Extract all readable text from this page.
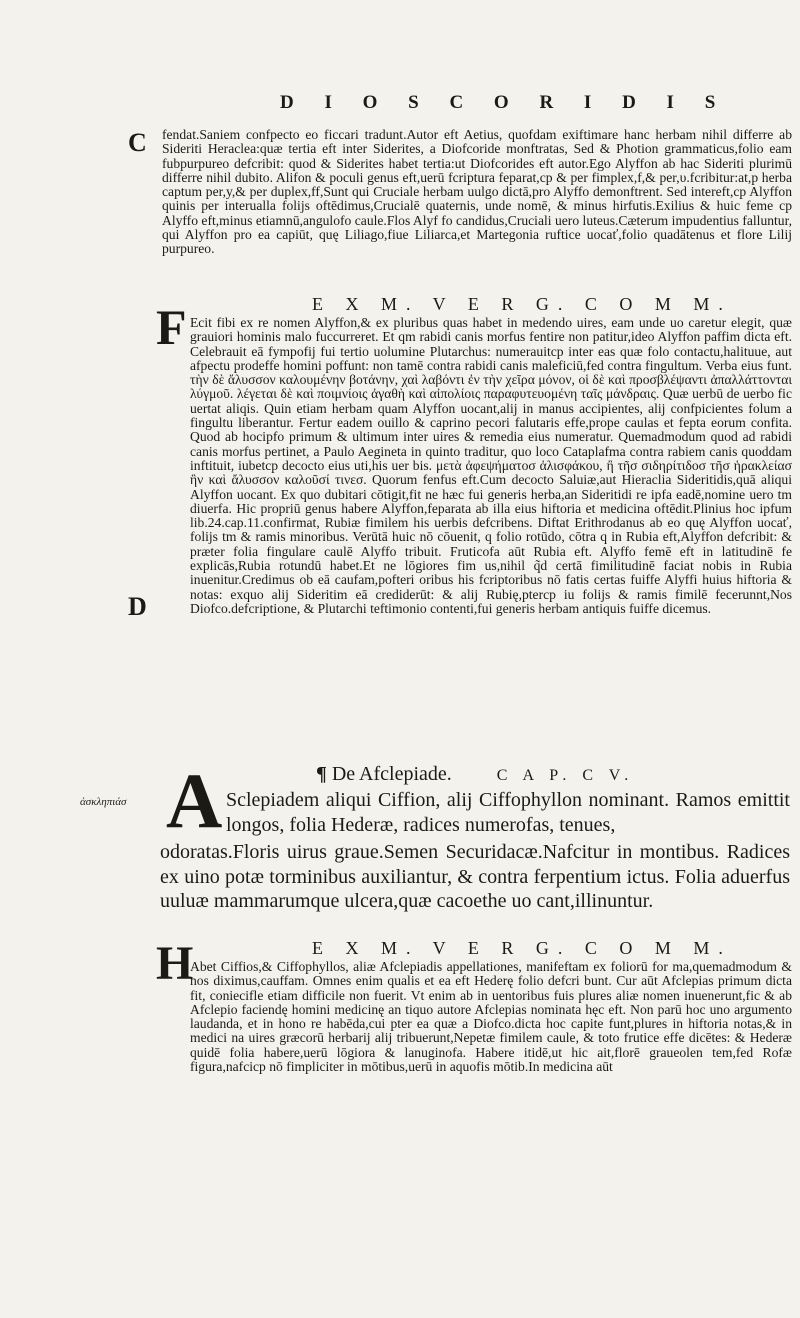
D I O S C O R I D I S
C fendat.Saniem confpecto eo ficcari tradunt.Autor eft Aetius, quofdam exiftimare hanc herbam nihil differre ab Sideriti Heraclea:quæ tertia eft inter Siderites, a Diofcoride monftratas, Sed & Photion grammaticus,folio eam fubpurpureo defcribit: quod & Siderites habet tertia:ut Diofcorides eft autor.Ego Alyffon ab hac Sideriti plurimū differre nihil dubito. Alifon & poculi genus eft,uerū fcriptura feparat,cp & per fimplex,f,& per,υ.fcribitur:at,p herba captum per,y,& per duplex,ff,Sunt qui Cruciale herbam uulgo dictā,pro Alyffo demonftrent. Sed intereft,cp Alyffon quinis per interualla folijs oftēdimus,Crucialē quaternis, unde nomē, & minus hirfutis.Exilius & huic feme cp Alyffo eft,minus etiamnū,angulofo caule.Flos Alyf fo candidus,Cruciali uero luteus.Cæterum impudentius falluntur, qui Alyffon pro ea capiūt, quę Liliago,fiue Liliarca,et Martegonia ruftice uocať,folio quadātenus et flore Lilij purpureo.

F	E X M. V E R G. C O M M.

Ecit fibi ex re nomen Alyffon,& ex pluribus quas habet in medendo uires, eam unde uo caretur elegit, quæ grauiori hominis malo fuccurreret. Et qm rabidi canis morfus fentire non patitur,ideo Alyffon paffim dicta eft. Celebrauit eā fympofij fui tertio uolumine Plutarchus: numerauitcp inter eas quæ folo contactu,halituue, aut afpectu prodeffe homini poffunt: non tamē contra rabidi canis maleficiū,fed contra fingultum. Verba eius funt. τὴν δὲ ἄλυσσον καλουμένην βοτάνην, χαὶ λαβόντι ἐν τὴν χεῖρα μόνον, οἱ δὲ καὶ προσβλέψαντι ἀπαλλάττονται λύγμοῦ. λέγεται δὲ καὶ ποιμνίοις ἀγαθὴ καὶ αἰπολίοις παραφυτευομένη ταῖς μάνδραις. Quæ uerbū de uerbo fic uertat aliqis. Quin etiam herbam quam Alyffon uocant,alij in manus accipientes, alij confpicientes folum a fingultu liberantur. Fertur eadem ouillo & caprino pecori falutaris effe,prope caulas et fepta eorum confita. Quod ab hocipfo primum & ultimum inter uires & remedia eius numeratur. Quemadmodum quod ad rabidi canis morfus pertinet, a Paulo Aegineta in quinto traditur, quo loco Cataplafma contra rabiem canis quoddam inftituit, iubetcp decocto eius uti,his uer bis. μετὰ ἀφεψήματοσ ἀλισφάκου, ἢ τῆσ σιδηρίτιδοσ τῆσ ἡρακλείασ ἣν καὶ ἄλυσσον καλοῦσί τινεσ. Quorum fenfus eft.Cum decocto Saluiæ,aut Hieraclia Sideritidis,quā aliqui Alyffon uocant. Ex quo dubitari cōtigit,fit ne hæc fui generis herba,an Sideritidi re ipfa eadē,nomine uero tm diuerfa. Hic propriū genus habere Alyffon,feparata ab illa eius hiftoria et medicina oftēdit.Plinius hoc ipfum lib.24.cap.11.confirmat, Rubiæ fimilem his uerbis defcribens. Diftat Erithrodanus ab eo quę Alyffon uocať, folijs tm & ramis minoribus. Verūtā huic nō cōuenit, q folio rotūdo, cōtra q in Rubia eft,Alyffon defcribit: & præter folia fingulare caulē Alyffo tribuit. Fruticofa aūt Rubia eft. Alyffo femē eft in latitudinē fe explicās,Rubia rotundū habet.Et ne lōgiores fim us,nihil q̃d certā fimilitudinē faciat nobis in Rubia inuenitur.Credimus ob eā caufam,pofteri oribus his fcriptoribus nō fatis certas fuiffe Alyffi huius hiftoria & notas: exquo alij Sideritim eā crediderūt: & alij Rubię,ptercp iu folijs & ramis fimilē fecerunnt,Nos Diofco.defcriptione, & Plutarchi teftimonio contenti,fui generis herbam antiquis fuiffe dicemus.

D
¶ De Afclepiade.	C A P. C V.
ἀσκληπιάσ A Sclepiadem aliqui Ciffion, alij Ciffophyllon nominant. Ramos emittit longos, folia Hederæ, radices numerofas, tenues,

odoratas.Floris uirus graue.Semen Securidacæ.Nafcitur in montibus. Radices ex uino potæ torminibus auxiliantur, & contra ferpentium ictus. Folia aduerfus uuluæ mammarumque ulcera,quæ cacoethe uo cant,illinuntur.

H	E X M. V E R G. C O M M.

Abet Ciffios,& Ciffophyllos, aliæ Afclepiadis appellationes, manifeftam ex foliorū for ma,quemadmodum & nos diximus,cauffam. Omnes enim qualis et ea eft Hederę folio defcri bunt. Cur aūt Afclepias primum dicta fit, coniecifle etiam difficile non fuerit. Vt enim ab in uentoribus fuis plures aliæ nomen inuenerunt,fic & ab Afclepio faciendę homini medicinę an tiquo autore Afclepias nominata hęc eft. Non parū hoc uno argumento laudanda, et in hono re habēda,cui pter ea quæ a Diofco.dicta hoc capite funt,plures in hiftoria notas,& in medici na uires græcorū herbarij alij tribuerunt,Nepetæ fimilem caule, & toto frutice effe dicētes: & Hederæ quidē folia habere,uerū lōgiora & lanuginofa. Habere itidē,ut hic ait,florē graueolen tem,fed Rofæ figura,nafcicp nō fimpliciter in mōtibus,uerū in aquofis mōtib.In medicina aūt
